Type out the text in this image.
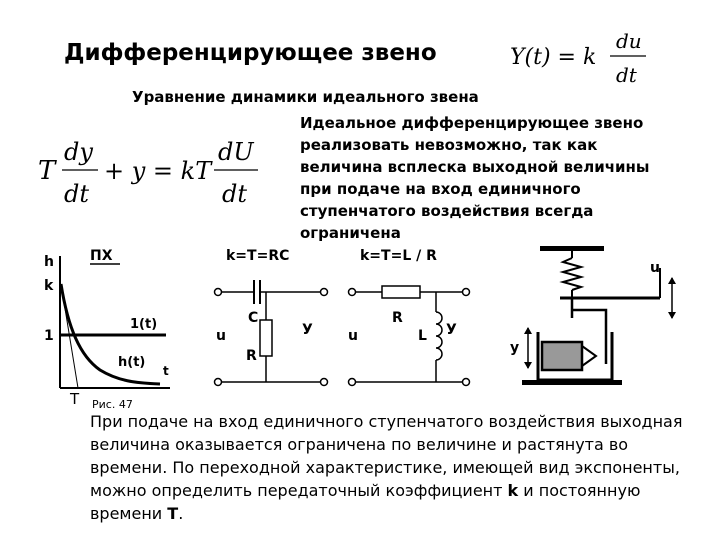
Дифференцирующее звено	Y(t) = k
du
dt
Уравнение динамики идеального звена
T
dy
dt
+ y = kT
dU
dt
Идеальное дифференцирующее звено
реализовать невозможно, так как
величина всплеска выходной величины
при подаче на вход единичного
ступенчатого воздействия всегда
ограничена
h	ПХ
k
1
1(t)
h(t)
t
T
k=T=RC
C
R
u	У
k=T=L / R
R
L
u	У
u
у
Рис. 47
При подаче на вход единичного ступенчатого воздействия выходная
величина оказывается ограничена по величине и растянута во
времени. По переходной характеристике, имеющей вид экспоненты,
можно определить передаточный коэффициент k и постоянную
времени T.
